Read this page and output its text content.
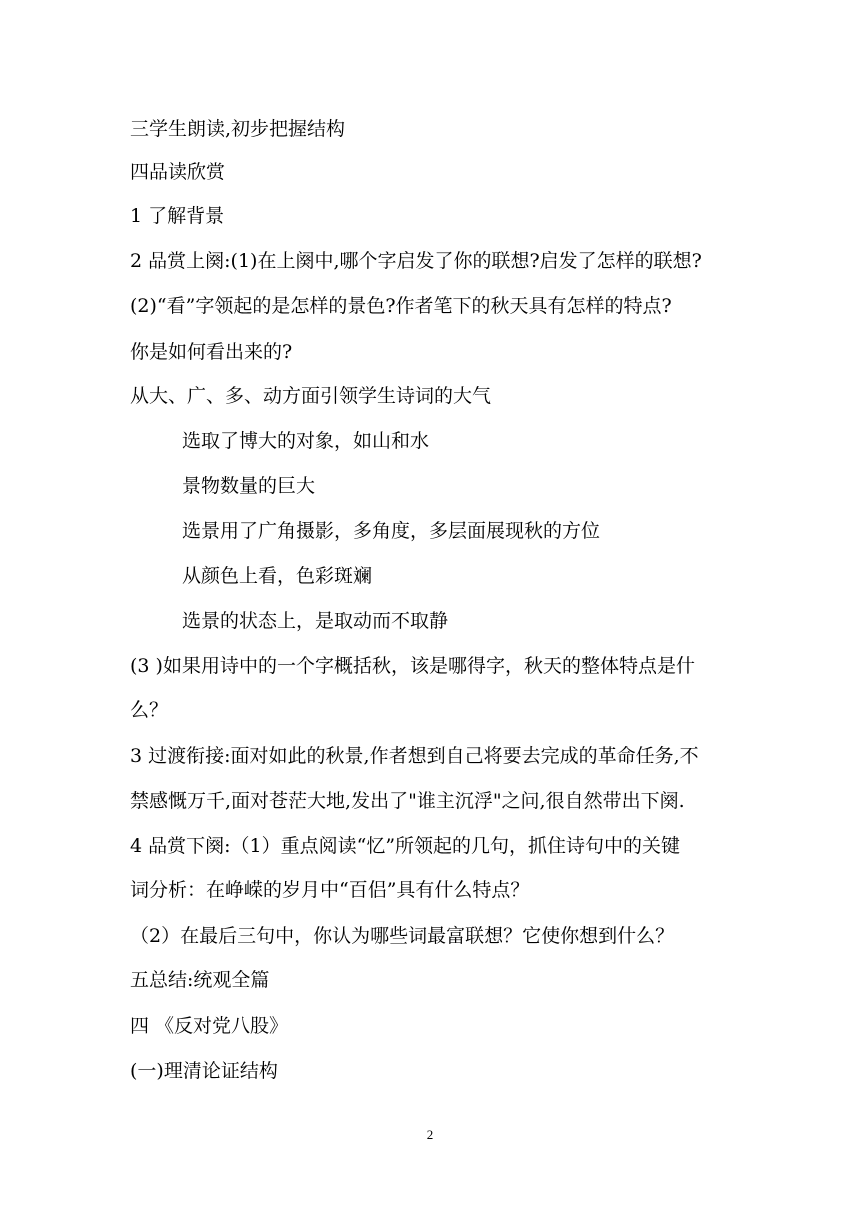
三学生朗读,初步把握结构
四品读欣赏
1 了解背景
2 品赏上阕:(1)在上阕中,哪个字启发了你的联想?启发了怎样的联想?
(2)“看”字领起的是怎样的景色?作者笔下的秋天具有怎样的特点?
你是如何看出来的?
从大、广、多、动方面引领学生诗词的大气
选取了博大的对象，如山和水
景物数量的巨大
选景用了广角摄影，多角度，多层面展现秋的方位
从颜色上看，色彩斑斓
选景的状态上，是取动而不取静
(3 )如果用诗中的一个字概括秋，该是哪得字，秋天的整体特点是什
么？
3 过渡衔接:面对如此的秋景,作者想到自己将要去完成的革命任务,不
禁感慨万千,面对苍茫大地,发出了"谁主沉浮"之问,很自然带出下阕.
4 品赏下阕:（1）重点阅读“忆”所领起的几句，抓住诗句中的关键
词分析：在峥嵘的岁月中“百侣”具有什么特点？
（2）在最后三句中，你认为哪些词最富联想？它使你想到什么？
五总结:统观全篇
四 《反对党八股》
(一)理清论证结构
2
